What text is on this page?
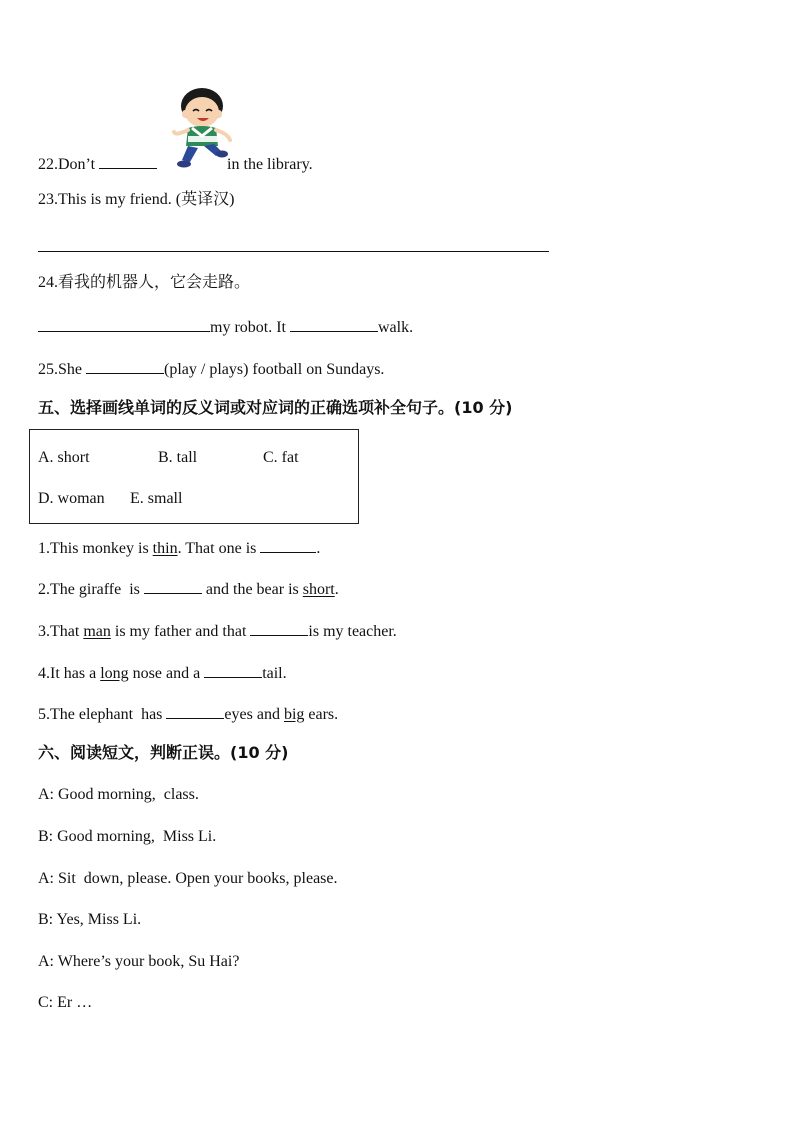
22.Don’t	in the library.
23.This is my friend. (英译汉)
24.看我的机器人，它会走路。
my robot. It	walk.
25.She	(play / plays) football on Sundays.
五、选择画线单词的反义词或对应词的正确选项补全句子。(10 分)
A. short	B. tall	C. fat
D. woman E. small
1.This monkey is thin. That one is	.
2.The giraffe  is	and the bear is short.
3.That man is my father and that	is my teacher.
4.It has a long nose and a	tail.
5.The elephant  has	eyes and big ears.
六、阅读短文，判断正误。(10 分)
A: Good morning,  class.
B: Good morning,  Miss Li.
A: Sit  down, please. Open your books, please.
B: Yes, Miss Li.
A: Where’s your book, Su Hai?
C: Er …
